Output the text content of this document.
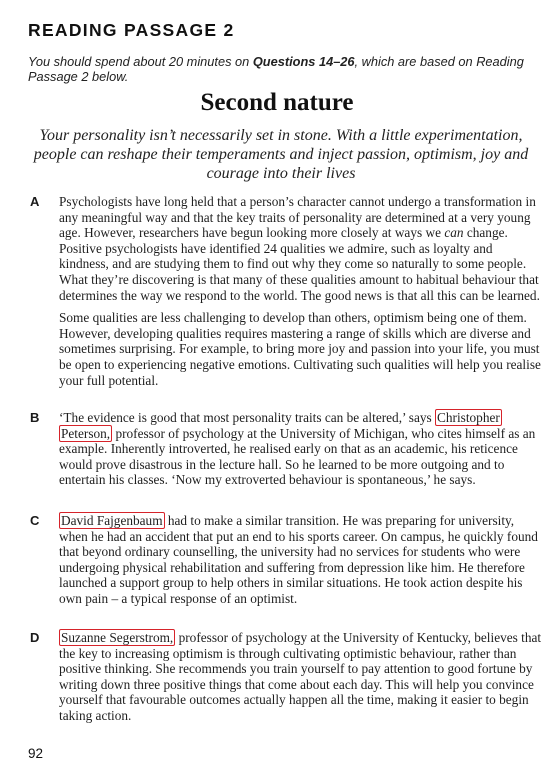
READING PASSAGE 2
You should spend about 20 minutes on Questions 14–26, which are based on Reading Passage 2 below.
Second nature
Your personality isn’t necessarily set in stone. With a little experimentation, people can reshape their temperaments and inject passion, optimism, joy and courage into their lives
A Psychologists have long held that a person’s character cannot undergo a transformation in any meaningful way and that the key traits of personality are determined at a very young age. However, researchers have begun looking more closely at ways we can change. Positive psychologists have identified 24 qualities we admire, such as loyalty and kindness, and are studying them to find out why they come so naturally to some people. What they’re discovering is that many of these qualities amount to habitual behaviour that determines the way we respond to the world. The good news is that all this can be learned.

Some qualities are less challenging to develop than others, optimism being one of them. However, developing qualities requires mastering a range of skills which are diverse and sometimes surprising. For example, to bring more joy and passion into your life, you must be open to experiencing negative emotions. Cultivating such qualities will help you realise your full potential.

B ‘The evidence is good that most personality traits can be altered,’ says Christopher Peterson, professor of psychology at the University of Michigan, who cites himself as an example. Inherently introverted, he realised early on that as an academic, his reticence would prove disastrous in the lecture hall. So he learned to be more outgoing and to entertain his classes. ‘Now my extroverted behaviour is spontaneous,’ he says.

C David Fajgenbaum had to make a similar transition. He was preparing for university, when he had an accident that put an end to his sports career. On campus, he quickly found that beyond ordinary counselling, the university had no services for students who were undergoing physical rehabilitation and suffering from depression like him. He therefore launched a support group to help others in similar situations. He took action despite his own pain – a typical response of an optimist.

D Suzanne Segerstrom, professor of psychology at the University of Kentucky, believes that the key to increasing optimism is through cultivating optimistic behaviour, rather than positive thinking. She recommends you train yourself to pay attention to good fortune by writing down three positive things that come about each day. This will help you convince yourself that favourable outcomes actually happen all the time, making it easier to begin taking action.

92
